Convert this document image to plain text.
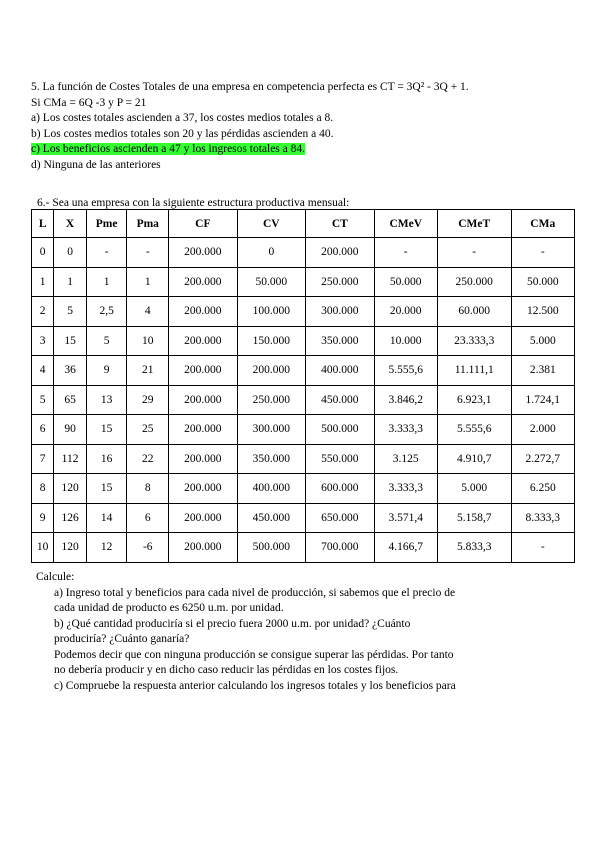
5. La función de Costes Totales de una empresa en competencia perfecta es CT = 3Q² - 3Q + 1.
Si CMa = 6Q -3 y P = 21
a) Los costes totales ascienden a 37, los costes medios totales a 8.
b) Los costes medios totales son 20 y las pérdidas ascienden a 40.
c) Los beneficios ascienden a 47 y los ingresos totales a 84.
d) Ninguna de las anteriores
6.- Sea una empresa con la siguiente estructura productiva mensual:
L	X	Pme	Pma	CF	CV	CT	CMeV	CMeT	CMa
0	0	-	-	200.000	0	200.000	-	-	-
1	1	1	1	200.000	50.000	250.000	50.000	250.000	50.000
2	5	2,5	4	200.000	100.000	300.000	20.000	60.000	12.500
3	15	5	10	200.000	150.000	350.000	10.000	23.333,3	5.000
4	36	9	21	200.000	200.000	400.000	5.555,6	11.111,1	2.381
5	65	13	29	200.000	250.000	450.000	3.846,2	6.923,1	1.724,1
6	90	15	25	200.000	300.000	500.000	3.333,3	5.555,6	2.000
7	112	16	22	200.000	350.000	550.000	3.125	4.910,7	2.272,7
8	120	15	8	200.000	400.000	600.000	3.333,3	5.000	6.250
9	126	14	6	200.000	450.000	650.000	3.571,4	5.158,7	8.333,3
10	120	12	-6	200.000	500.000	700.000	4.166,7	5.833,3	-
Calcule:
a) Ingreso total y beneficios para cada nivel de producción, si sabemos que el precio de
cada unidad de producto es 6250 u.m. por unidad.
b) ¿Qué cantidad produciría si el precio fuera 2000 u.m. por unidad? ¿Cuánto
produciría? ¿Cuánto ganaría?
Podemos decir que con ninguna producción se consigue superar las pérdidas. Por tanto
no debería producir y en dicho caso reducir las pérdidas en los costes fijos.
c) Compruebe la respuesta anterior calculando los ingresos totales y los beneficios para
